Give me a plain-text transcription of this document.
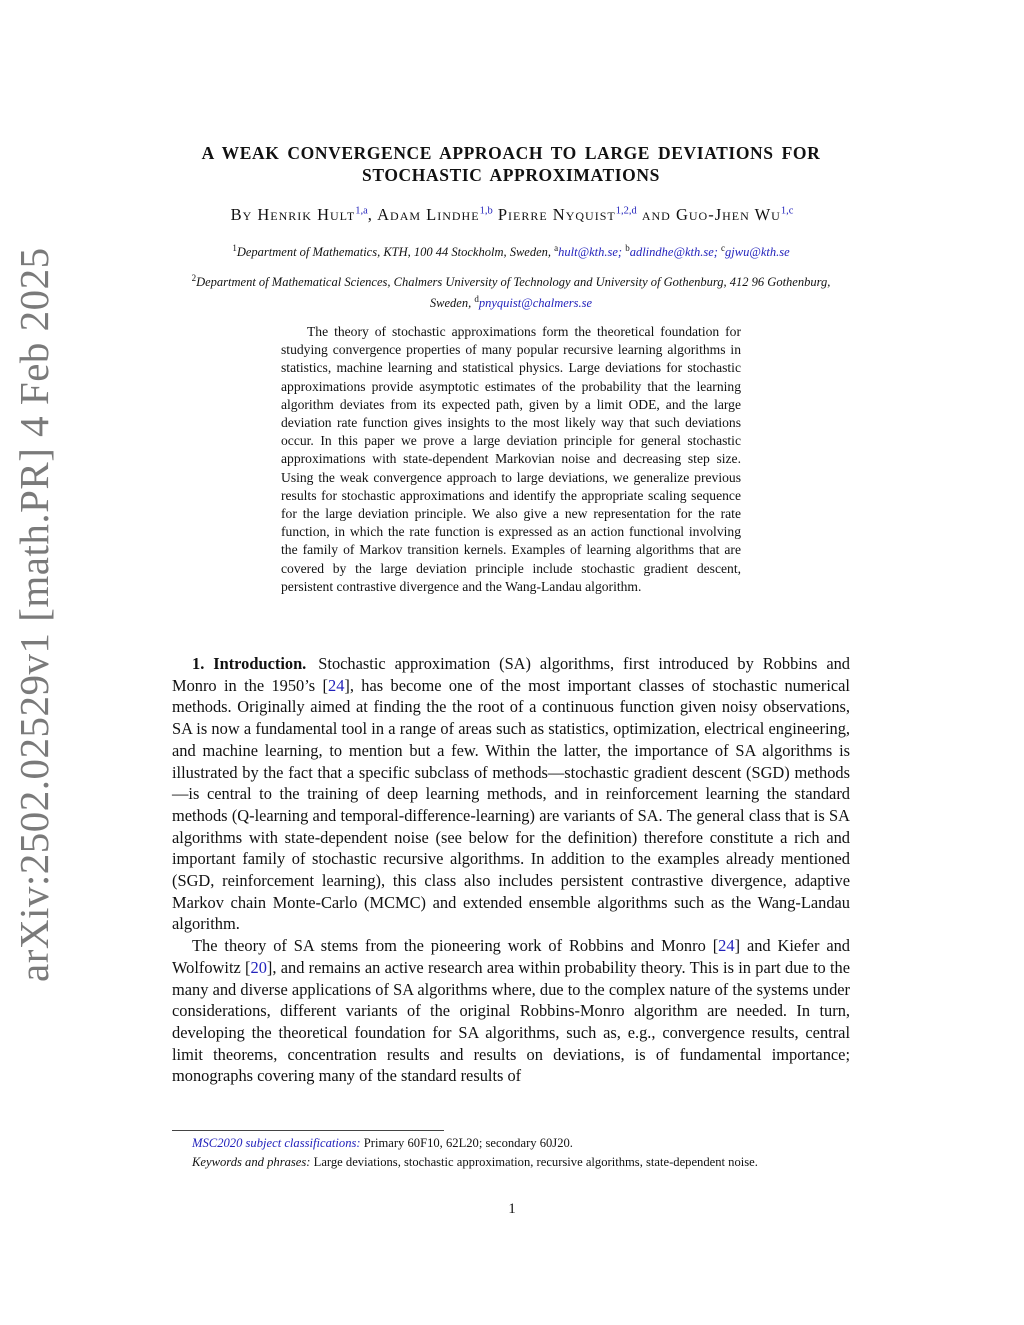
arXiv:2502.02529v1 [math.PR] 4 Feb 2025
A WEAK CONVERGENCE APPROACH TO LARGE DEVIATIONS FOR STOCHASTIC APPROXIMATIONS
By Henrik Hult$^{1,a}$, Adam Lindhe$^{1,b}$ Pierre Nyquist$^{1,2,d}$ and Guo-Jhen Wu$^{1,c}$
$^1$Department of Mathematics, KTH, 100 44 Stockholm, Sweden, $^a$hult@kth.se; $^b$adlindhe@kth.se; $^c$gjwu@kth.se
$^2$Department of Mathematical Sciences, Chalmers University of Technology and University of Gothenburg, 412 96 Gothenburg, Sweden, $^d$pnyquist@chalmers.se

The theory of stochastic approximations form the theoretical foundation for studying convergence properties of many popular recursive learning algorithms in statistics, machine learning and statistical physics. Large deviations for stochastic approximations provide asymptotic estimates of the probability that the learning algorithm deviates from its expected path, given by a limit ODE, and the large deviation rate function gives insights to the most likely way that such deviations occur. In this paper we prove a large deviation principle for general stochastic approximations with state-dependent Markovian noise and decreasing step size. Using the weak convergence approach to large deviations, we generalize previous results for stochastic approximations and identify the appropriate scaling sequence for the large deviation principle. We also give a new representation for the rate function, in which the rate function is expressed as an action functional involving the family of Markov transition kernels. Examples of learning algorithms that are covered by the large deviation principle include stochastic gradient descent, persistent contrastive divergence and the Wang-Landau algorithm.

1. Introduction. Stochastic approximation (SA) algorithms, first introduced by Robbins and Monro in the 1950’s [24], has become one of the most important classes of stochastic numerical methods. Originally aimed at finding the the root of a continuous function given noisy observations, SA is now a fundamental tool in a range of areas such as statistics, optimization, electrical engineering, and machine learning, to mention but a few. Within the latter, the importance of SA algorithms is illustrated by the fact that a specific subclass of methods—stochastic gradient descent (SGD) methods—is central to the training of deep learning methods, and in reinforcement learning the standard methods (Q-learning and temporal-difference-learning) are variants of SA. The general class that is SA algorithms with state-dependent noise (see below for the definition) therefore constitute a rich and important family of stochastic recursive algorithms. In addition to the examples already mentioned (SGD, reinforcement learning), this class also includes persistent contrastive divergence, adaptive Markov chain Monte-Carlo (MCMC) and extended ensemble algorithms such as the Wang-Landau algorithm.

The theory of SA stems from the pioneering work of Robbins and Monro [24] and Kiefer and Wolfowitz [20], and remains an active research area within probability theory. This is in part due to the many and diverse applications of SA algorithms where, due to the complex nature of the systems under considerations, different variants of the original Robbins-Monro algorithm are needed. In turn, developing the theoretical foundation for SA algorithms, such as, e.g., convergence results, central limit theorems, concentration results and results on deviations, is of fundamental importance; monographs covering many of the standard results of

MSC2020 subject classifications: Primary 60F10, 62L20; secondary 60J20.

Keywords and phrases: Large deviations, stochastic approximation, recursive algorithms, state-dependent noise.

1
